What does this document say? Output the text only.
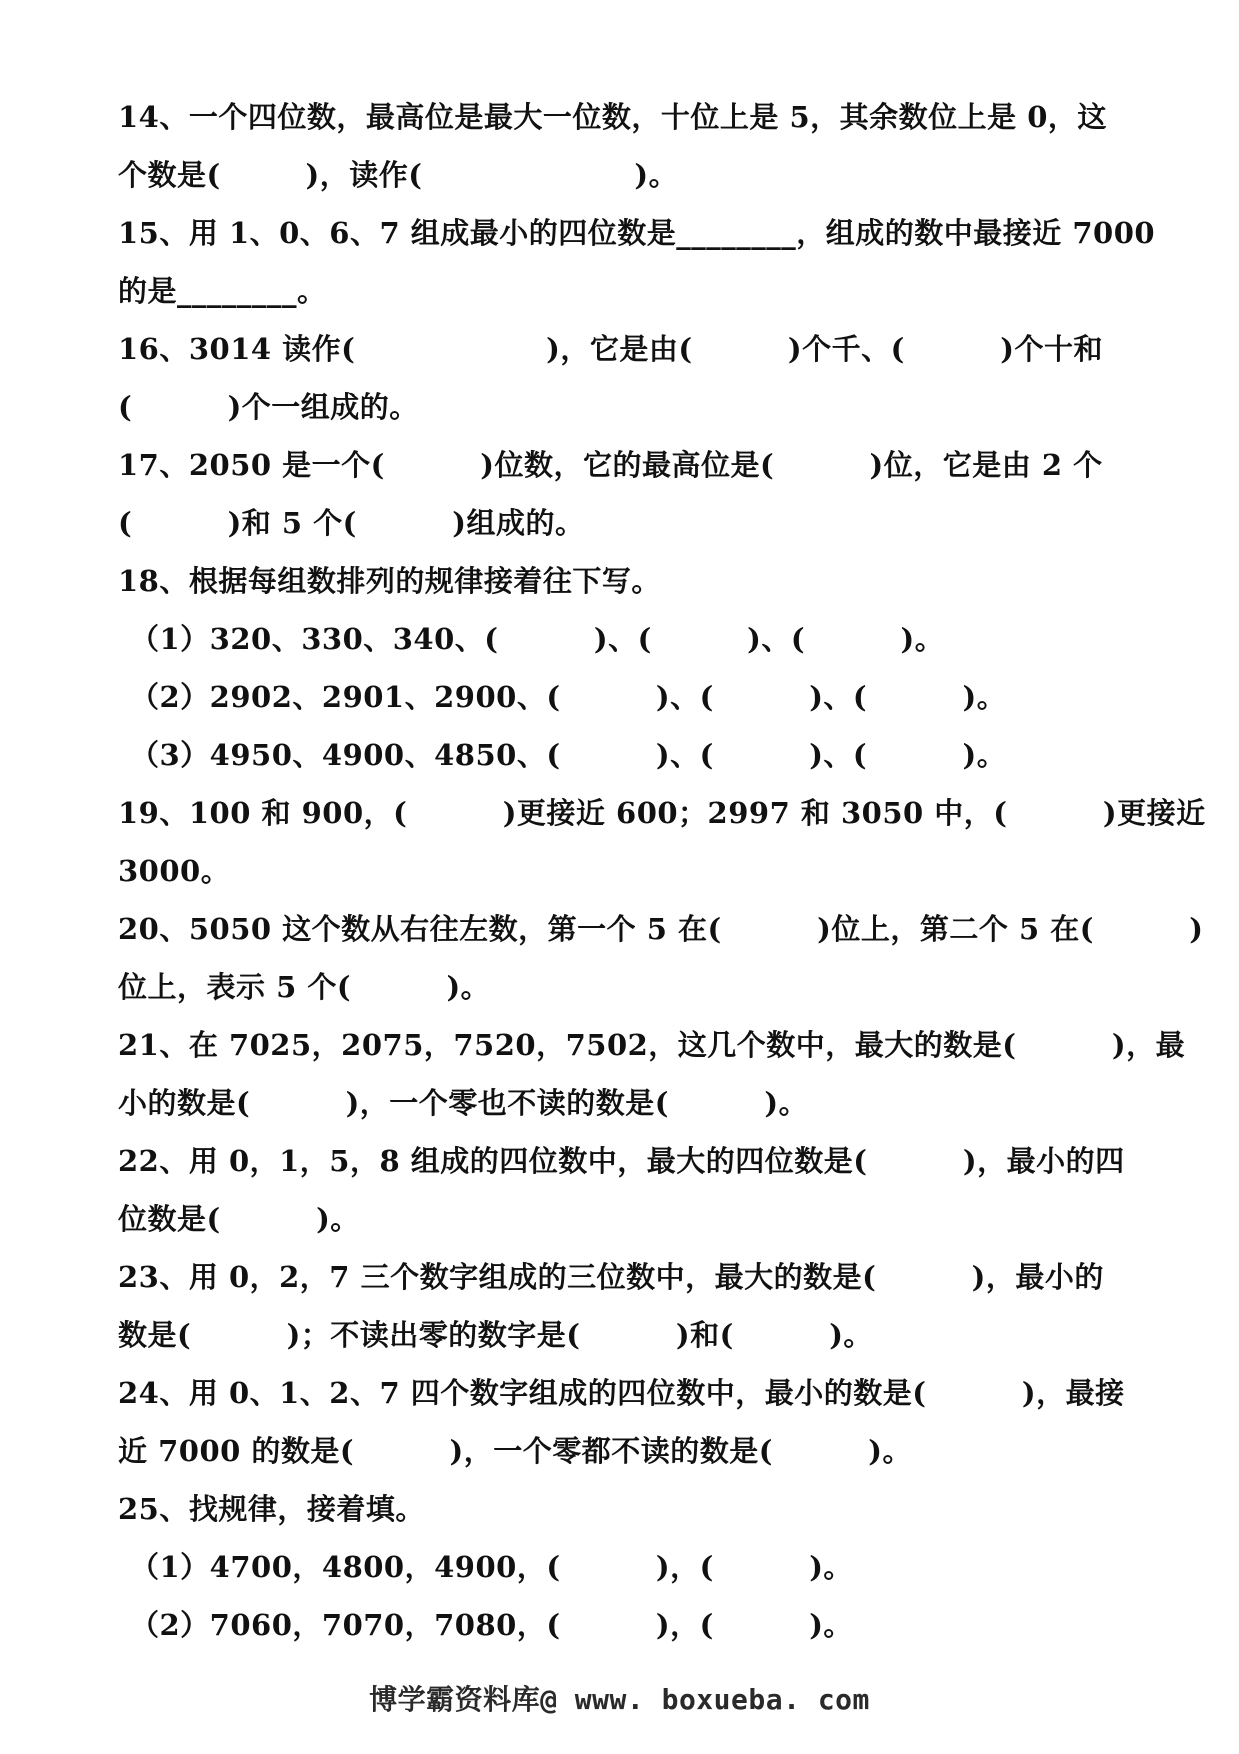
14、一个四位数，最高位是最大一位数，十位上是 5，其余数位上是 0，这
个数是(        )，读作(                    )。
15、用 1、0、6、7 组成最小的四位数是________，组成的数中最接近 7000
的是________。
16、3014 读作(                  )，它是由(         )个千、(         )个十和
(         )个一组成的。
17、2050 是一个(         )位数，它的最高位是(         )位，它是由 2 个
(         )和 5 个(         )组成的。
18、根据每组数排列的规律接着往下写。
（1）320、330、340、(         )、(         )、(         )。
（2）2902、2901、2900、(         )、(         )、(         )。
（3）4950、4900、4850、(         )、(         )、(         )。
19、100 和 900，(         )更接近 600；2997 和 3050 中，(         )更接近
3000。
20、5050 这个数从右往左数，第一个 5 在(         )位上，第二个 5 在(         )
位上，表示 5 个(         )。
21、在 7025，2075，7520，7502，这几个数中，最大的数是(         )，最
小的数是(         )，一个零也不读的数是(         )。
22、用 0，1，5，8 组成的四位数中，最大的四位数是(         )，最小的四
位数是(         )。
23、用 0，2，7 三个数字组成的三位数中，最大的数是(         )，最小的
数是(         )；不读出零的数字是(         )和(         )。
24、用 0、1、2、7 四个数字组成的四位数中，最小的数是(         )，最接
近 7000 的数是(         )，一个零都不读的数是(         )。
25、找规律，接着填。
（1）4700，4800，4900，(         )，(         )。
（2）7060，7070，7080，(         )，(         )。
博学霸资料库@ www. boxueba. com
